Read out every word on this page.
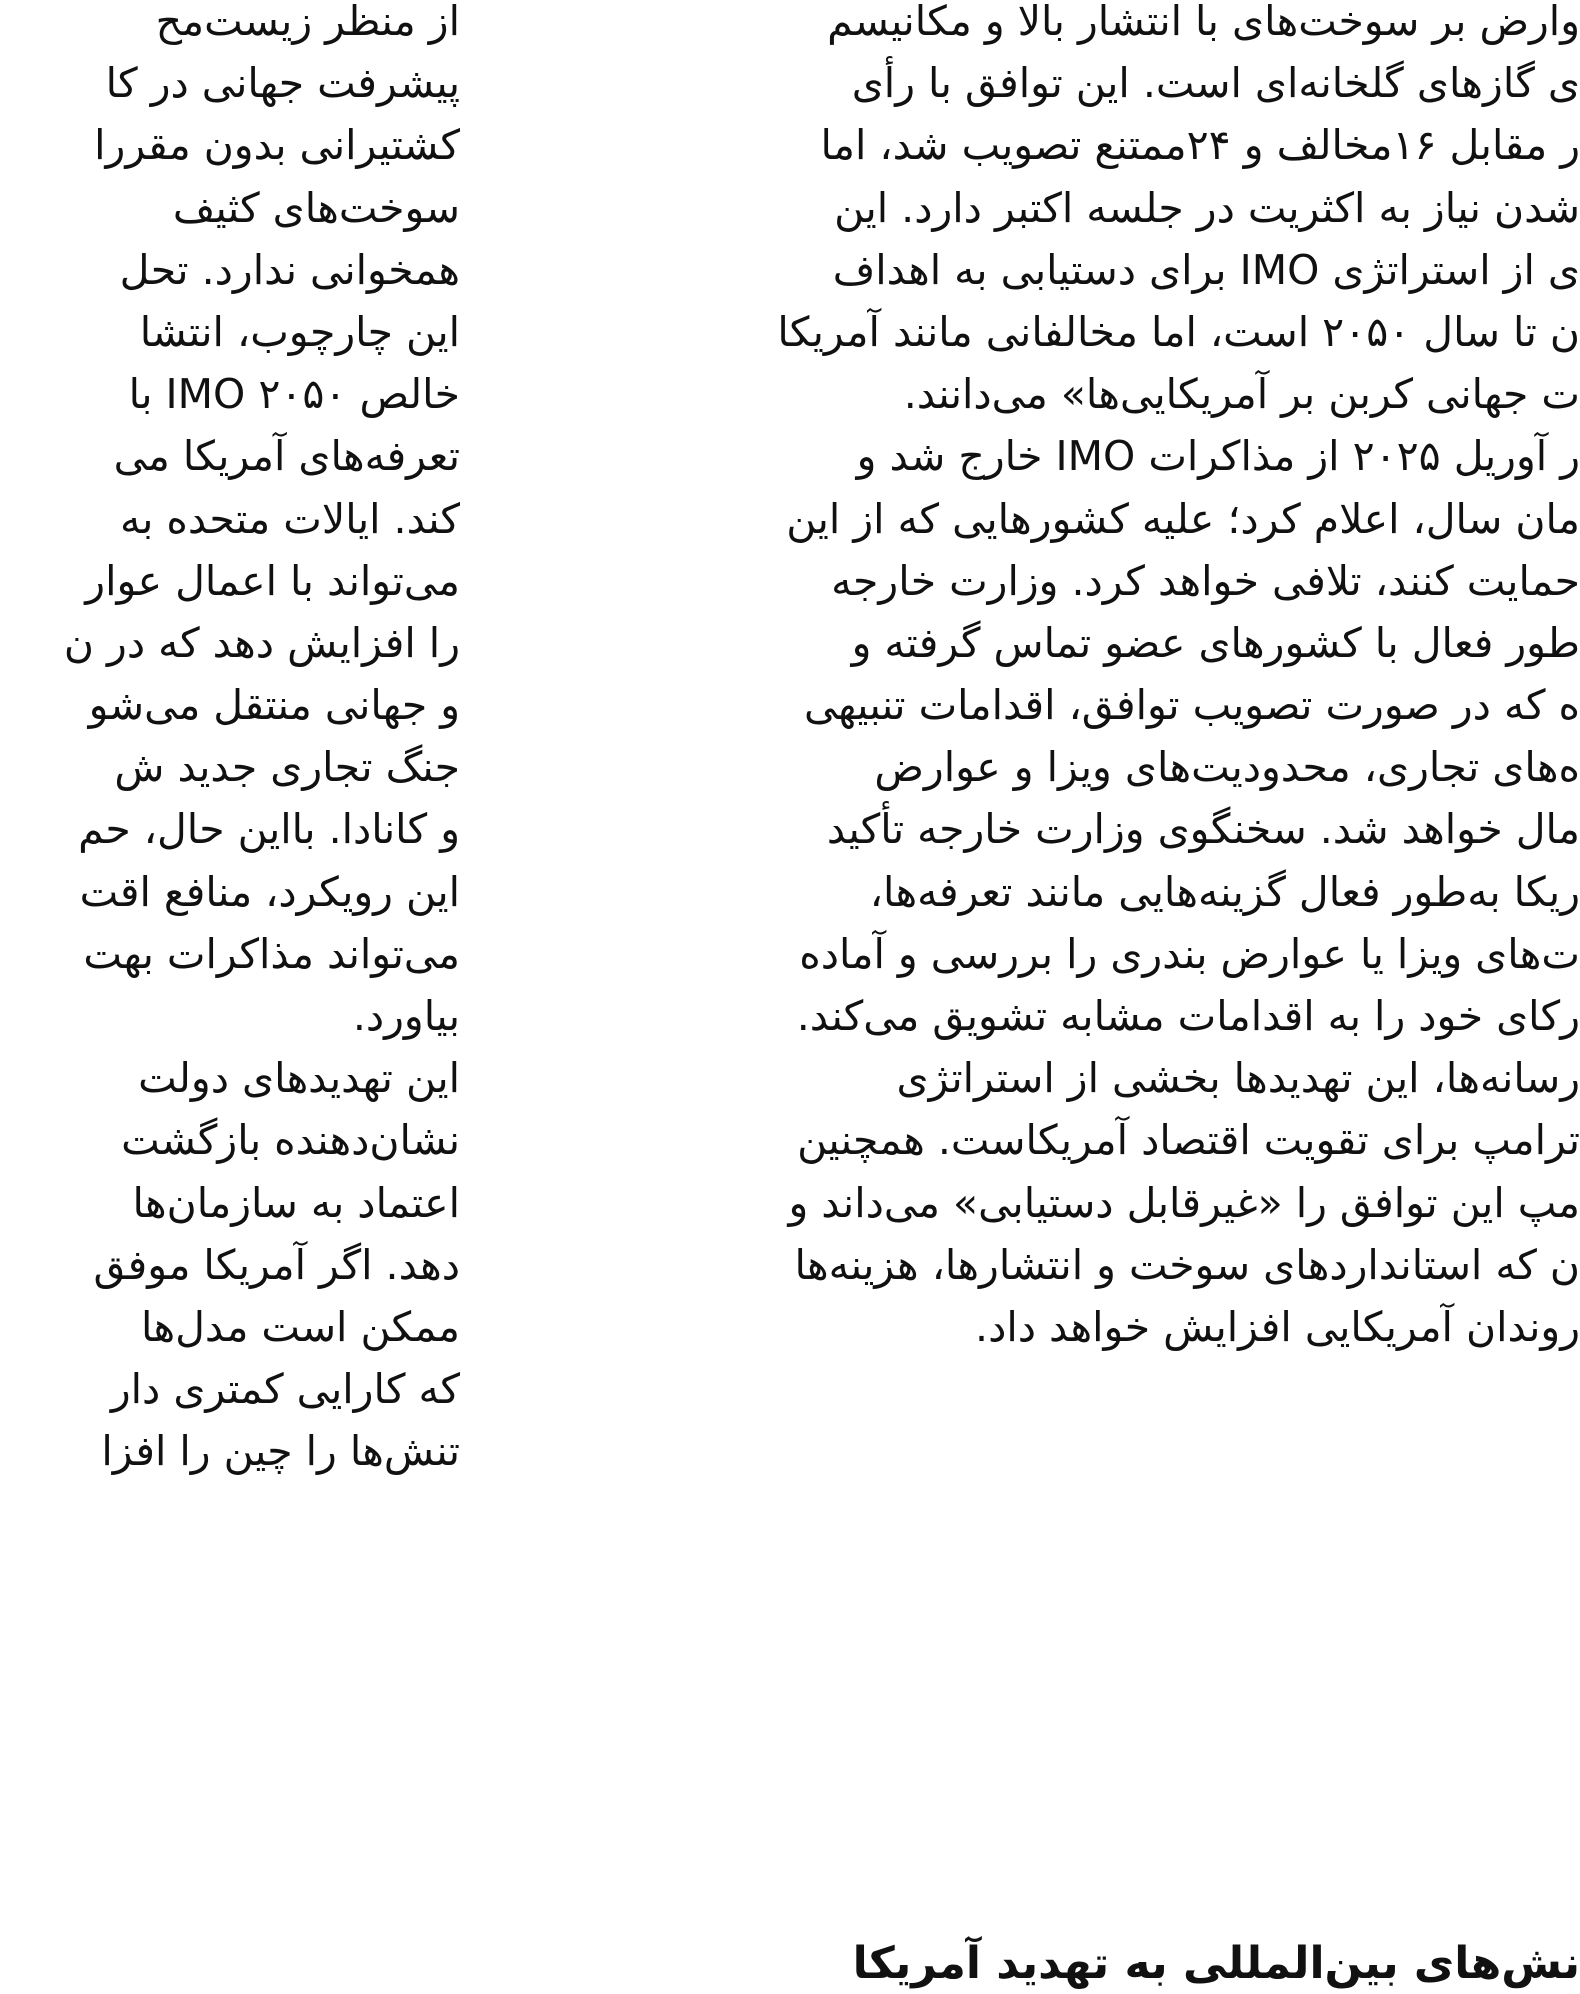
وارض بر سوخت‌های با انتشار بالا و مکانیسم
ی گازهای گلخانه‌ای است. این توافق با رأی
ر مقابل ۱۶مخالف و ۲۴ممتنع تصویب شد، اما
شدن نیاز به اکثریت در جلسه اکتبر دارد. این
ی از استراتژی IMO برای دستیابی به اهداف
ن تا سال ۲۰۵۰ است، اما مخالفانی مانند آمریکا
ت جهانی کربن بر آمریکایی‌ها» می‌دانند.
ر آوریل ۲۰۲۵ از مذاکرات IMO خارج شد و
مان سال، اعلام کرد؛ علیه کشورهایی که از این
حمایت کنند، تلافی خواهد کرد. وزارت خارجه
طور فعال با کشورهای عضو تماس گرفته و
ه که در صورت تصویب توافق، اقدامات تنبیهی
ه‌های تجاری، محدودیت‌های ویزا و عوارض
مال خواهد شد. سخنگوی وزارت خارجه تأکید
ریکا به‌طور فعال گزینه‌هایی مانند تعرفه‌ها،
ت‌های ویزا یا عوارض بندری را بررسی و آماده
رکای خود را به اقدامات مشابه تشویق می‌کند.
رسانه‌ها، این تهدیدها بخشی از استراتژی
ترامپ برای تقویت اقتصاد آمریکاست. همچنین
مپ این توافق را «غیرقابل دستیابی» می‌داند و
ن که استانداردهای سوخت و انتشارها، هزینه‌ها
روندان آمریکایی افزایش خواهد داد.
نش‌های بین‌المللی به تهدید آمریکا
از منظر زیست‌مح
پیشرفت جهانی در کا
کشتیرانی بدون مقررا
سوخت‌های کثیف
همخوانی ندارد. تحل
این چارچوب، انتشا
خالص ۲۰۵۰ IMO با
تعرفه‌های آمریکا می‌
کند. ایالات متحده به
می‌تواند با اعمال عوار
را افزایش دهد که در ن
و جهانی منتقل می‌شو
جنگ تجاری جدید ش
و کانادا. بااین حال، حم
این رویکرد، منافع اقت
می‌تواند مذاکرات بهت
بیاورد.
این تهدیدهای دولت
نشان‌دهنده بازگشت
اعتماد به سازمان‌ها
دهد. اگر آمریکا موفق
ممکن است مدل‌ها
که کارایی کمتری دار
تنش‌ها را چین را افزا
